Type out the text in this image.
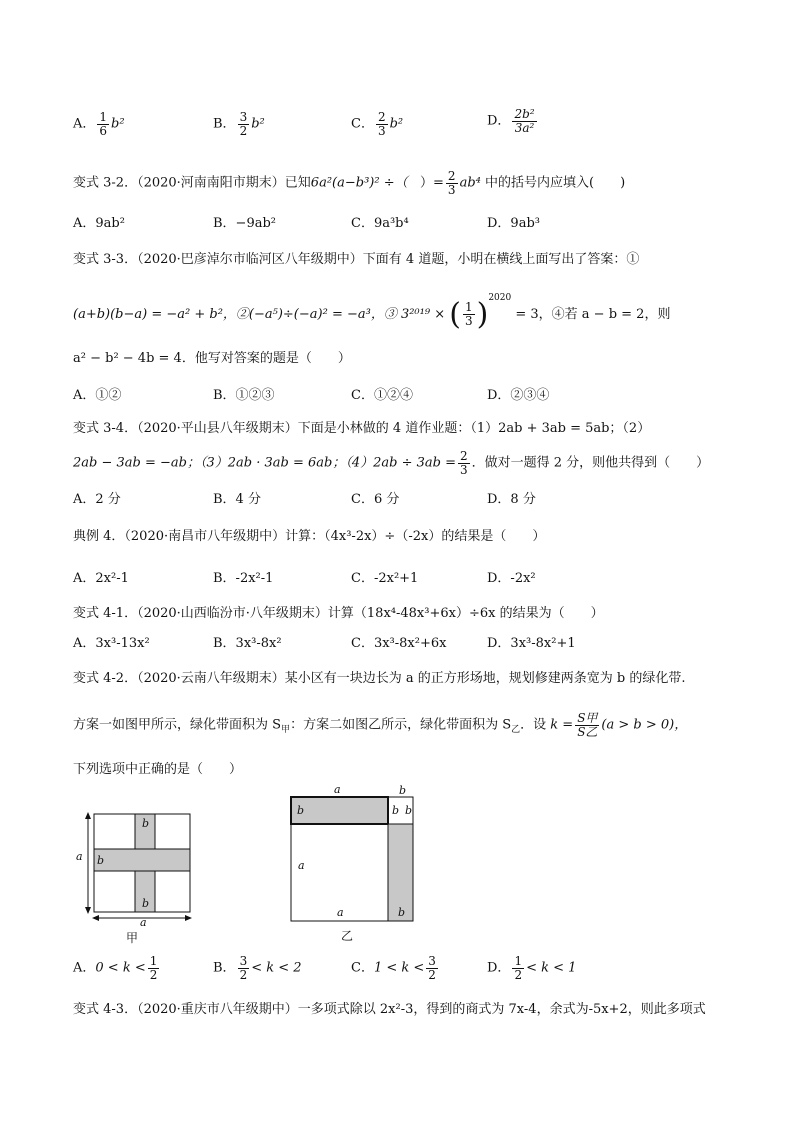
A． $\frac{1}{6} b^2$	B． $\frac{3}{2} b^2$	C． $\frac{2}{3} b^2$	D． $\frac{\text{2b²}}{\text{3a²}}$
变式 3-2．（2020·河南南阳市期末）已知6a²(a−b³)² ÷（ ）= $\frac{2}{3} ab^4$ 中的括号内应填入(　　)
A．9ab²	B．−9ab²	C．9a³b⁴	D．9ab³
变式 3-3．（2020·巴彦淖尔市临河区八年级期中）下面有 4 道题，小明在横线上面写出了答案：①
(a+b)(b−a) = −a² + b²，②(−a⁵)÷(−a)² = −a³，③ 3²⁰¹⁹ × ( $\frac{1}{3} )^{2020} = 3$，④若 a − b = 2，则
a² − b² − 4b = 4．他写对答案的题是（　　）
A．①②	B．①②③	C．①②④	D．②③④
变式 3-4．（2020·平山县八年级期末）下面是小林做的 4 道作业题：（1）2ab + 3ab = 5ab；（2）
2ab − 3ab = −ab；（3）2ab · 3ab = 6ab；$(4)2ab \div 3ab = \frac{2}{3}$ ．做对一题得 2 分，则他共得到（　　）
A．2 分	B．4 分	C．6 分	D．8 分
典例 4．（2020·南昌市八年级期中）计算：（4x³-2x）÷（-2x）的结果是（　　）
A．2x²-1	B．-2x²-1	C．-2x²+1	D．-2x²
变式 4-1．（2020·山西临汾市·八年级期末）计算（18x⁴-48x³+6x）÷6x 的结果为（　　）
A．3x³-13x²	B．3x³-8x²	C．3x³-8x²+6x	D．3x³-8x²+1
变式 4-2．（2020·云南八年级期末）某小区有一块边长为 a 的正方形场地，规划修建两条宽为 b 的绿化带.
方案一如图甲所示，绿化带面积为 $S_甲$：方案二如图乙所示，绿化带面积为 $S_乙$．设 $k = \frac{\text{S甲}}{\text{S乙}} (a > b > 0)$，
下列选项中正确的是（　　）
a
a
b
b
b
甲
a	b
b	b b
a
a	b
乙
A．$0 < k < \frac{1}{2}$	B． $\frac{3}{2} < k < 2$	C．$1 < k < \frac{3}{2}$	D． $\frac{1}{2} < k < 1$
变式 4-3．（2020·重庆市八年级期中）一多项式除以 2x²-3，得到的商式为 7x-4，余式为-5x+2，则此多项式
